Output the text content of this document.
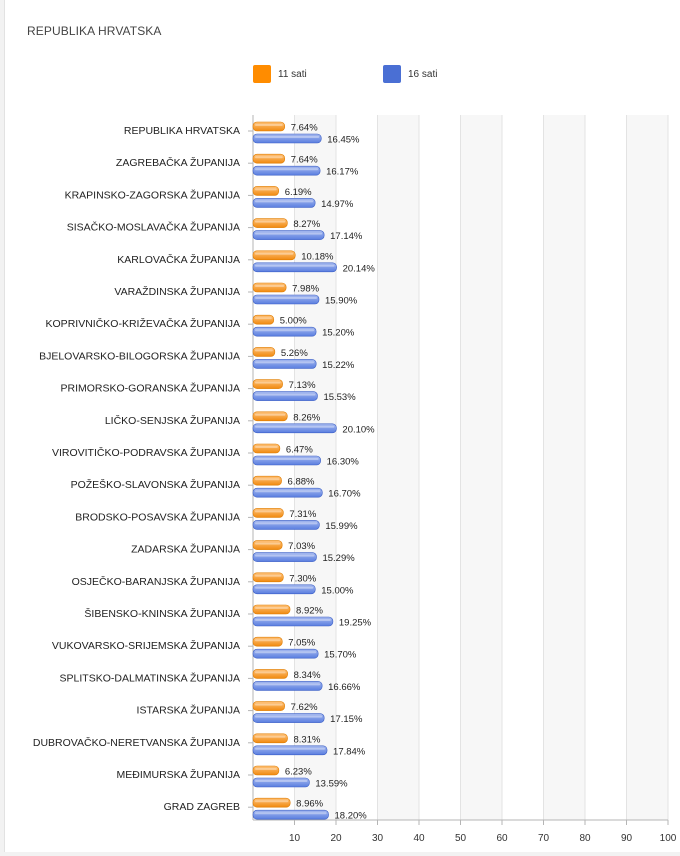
REPUBLIKA HRVATSKA
11 sati	16 sati
10	20	30	40	50	60	70	80	90	100
REPUBLIKA HRVATSKA	7.64%
16.45%
ZAGREBAČKA ŽUPANIJA	7.64%
16.17%
KRAPINSKO-ZAGORSKA ŽUPANIJA	6.19%
14.97%
SISAČKO-MOSLAVAČKA ŽUPANIJA	8.27%
17.14%
KARLOVAČKA ŽUPANIJA	10.18%
20.14%
VARAŽDINSKA ŽUPANIJA	7.98%
15.90%
KOPRIVNIČKO-KRIŽEVAČKA ŽUPANIJA	5.00%
15.20%
BJELOVARSKO-BILOGORSKA ŽUPANIJA	5.26%
15.22%
PRIMORSKO-GORANSKA ŽUPANIJA	7.13%
15.53%
LIČKO-SENJSKA ŽUPANIJA	8.26%
20.10%
VIROVITIČKO-PODRAVSKA ŽUPANIJA	6.47%
16.30%
POŽEŠKO-SLAVONSKA ŽUPANIJA	6.88%
16.70%
BRODSKO-POSAVSKA ŽUPANIJA	7.31%
15.99%
ZADARSKA ŽUPANIJA	7.03%
15.29%
OSJEČKO-BARANJSKA ŽUPANIJA	7.30%
15.00%
ŠIBENSKO-KNINSKA ŽUPANIJA	8.92%
19.25%
VUKOVARSKO-SRIJEMSKA ŽUPANIJA	7.05%
15.70%
SPLITSKO-DALMATINSKA ŽUPANIJA	8.34%
16.66%
ISTARSKA ŽUPANIJA	7.62%
17.15%
DUBROVAČKO-NERETVANSKA ŽUPANIJA	8.31%
17.84%
MEĐIMURSKA ŽUPANIJA	6.23%
13.59%
GRAD ZAGREB	8.96%
18.20%
